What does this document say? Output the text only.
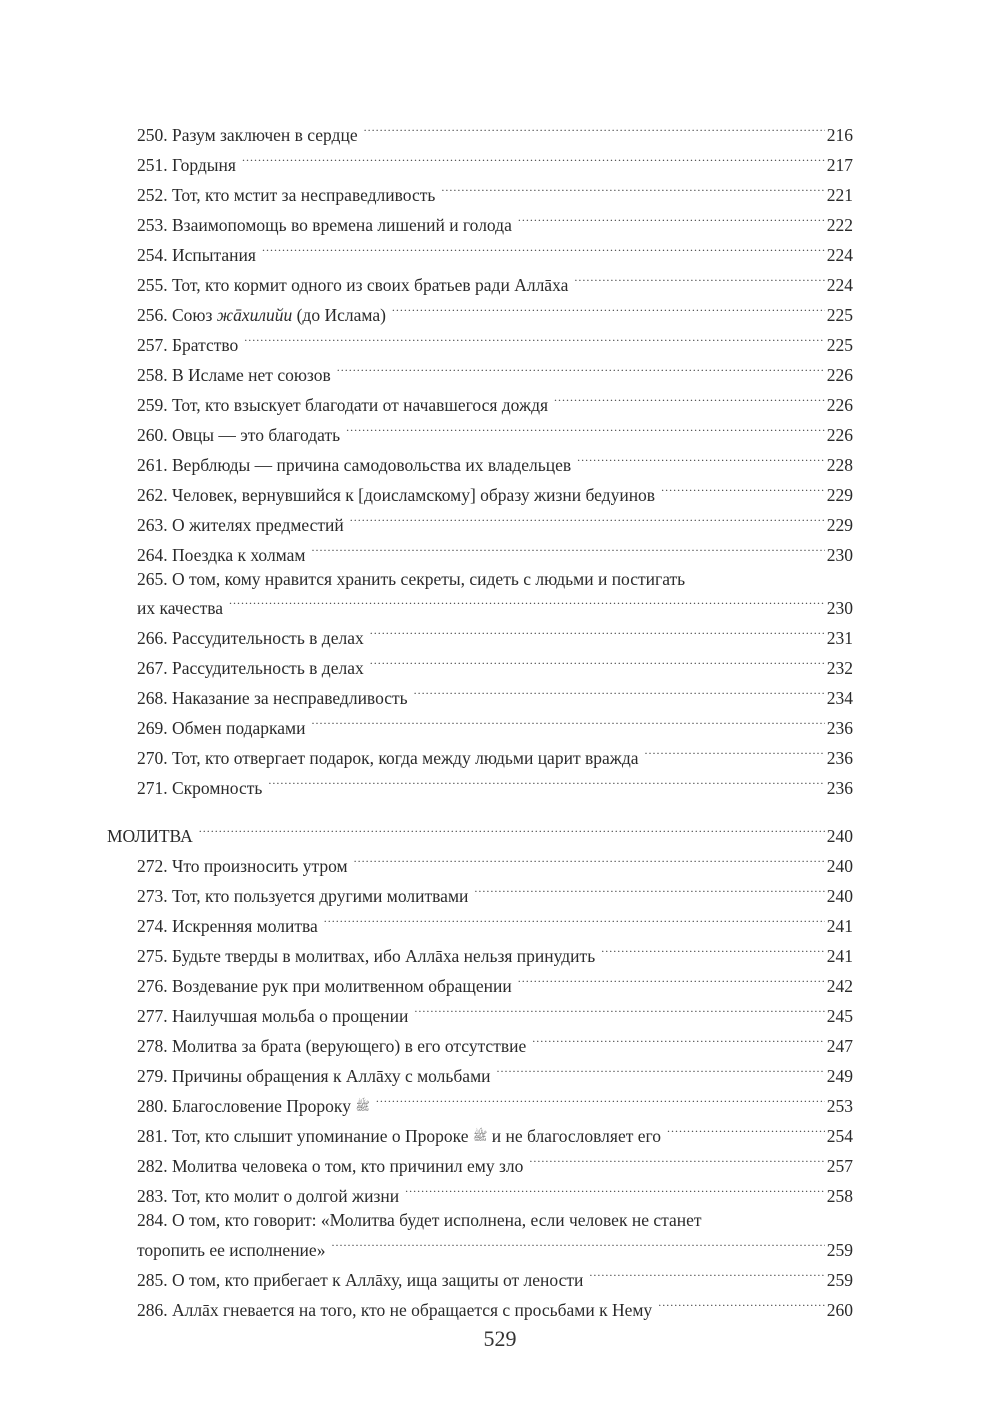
250. Разум заключен в сердце .....	216
251. Гордыня .....	217
252. Тот, кто мстит за несправедливость .....	221
253. Взаимопомощь во времена лишений и голода .....	222
254. Испытания .....	224
255. Тот, кто кормит одного из своих братьев ради Аллāха .....	224
256. Союз жāхилийи (до Ислама) .....	225
257. Братство .....	225
258. В Исламе нет союзов .....	226
259. Тот, кто взыскует благодати от начавшегося дождя .....	226
260. Овцы — это благодать .....	226
261. Верблюды — причина самодовольства их владельцев .....	228
262. Человек, вернувшийся к [доисламскому] образу жизни бедуинов .....	229
263. О жителях предместий .....	229
264. Поездка к холмам .....	230
265. О том, кому нравится хранить секреты, сидеть с людьми и постигать
их качества .....	230
266. Рассудительность в делах .....	231
267. Рассудительность в делах .....	232
268. Наказание за несправедливость .....	234
269. Обмен подарками .....	236
270. Тот, кто отвергает подарок, когда между людьми царит вражда .....	236
271. Скромность .....	236
МОЛИТВА .....	240
272. Что произносить утром .....	240
273. Тот, кто пользуется другими молитвами .....	240
274. Искренняя молитва .....	241
275. Будьте тверды в молитвах, ибо Аллāха нельзя принудить .....	241
276. Воздевание рук при молитвенном обращении .....	242
277. Наилучшая мольба о прощении .....	245
278. Молитва за брата (верующего) в его отсутствие .....	247
279. Причины обращения к Аллāху с мольбами .....	249
280. Благословение Пророку ﷺ .....	253
281. Тот, кто слышит упоминание о Пророке ﷺ и не благословляет его .....	254
282. Молитва человека о том, кто причинил ему зло .....	257
283. Тот, кто молит о долгой жизни .....	258
284. О том, кто говорит: «Молитва будет исполнена, если человек не станет
торопить ее исполнение» .....	259
285. О том, кто прибегает к Аллāху, ища защиты от лености .....	259
286. Аллāх гневается на того, кто не обращается с просьбами к Нему .....	260
529
